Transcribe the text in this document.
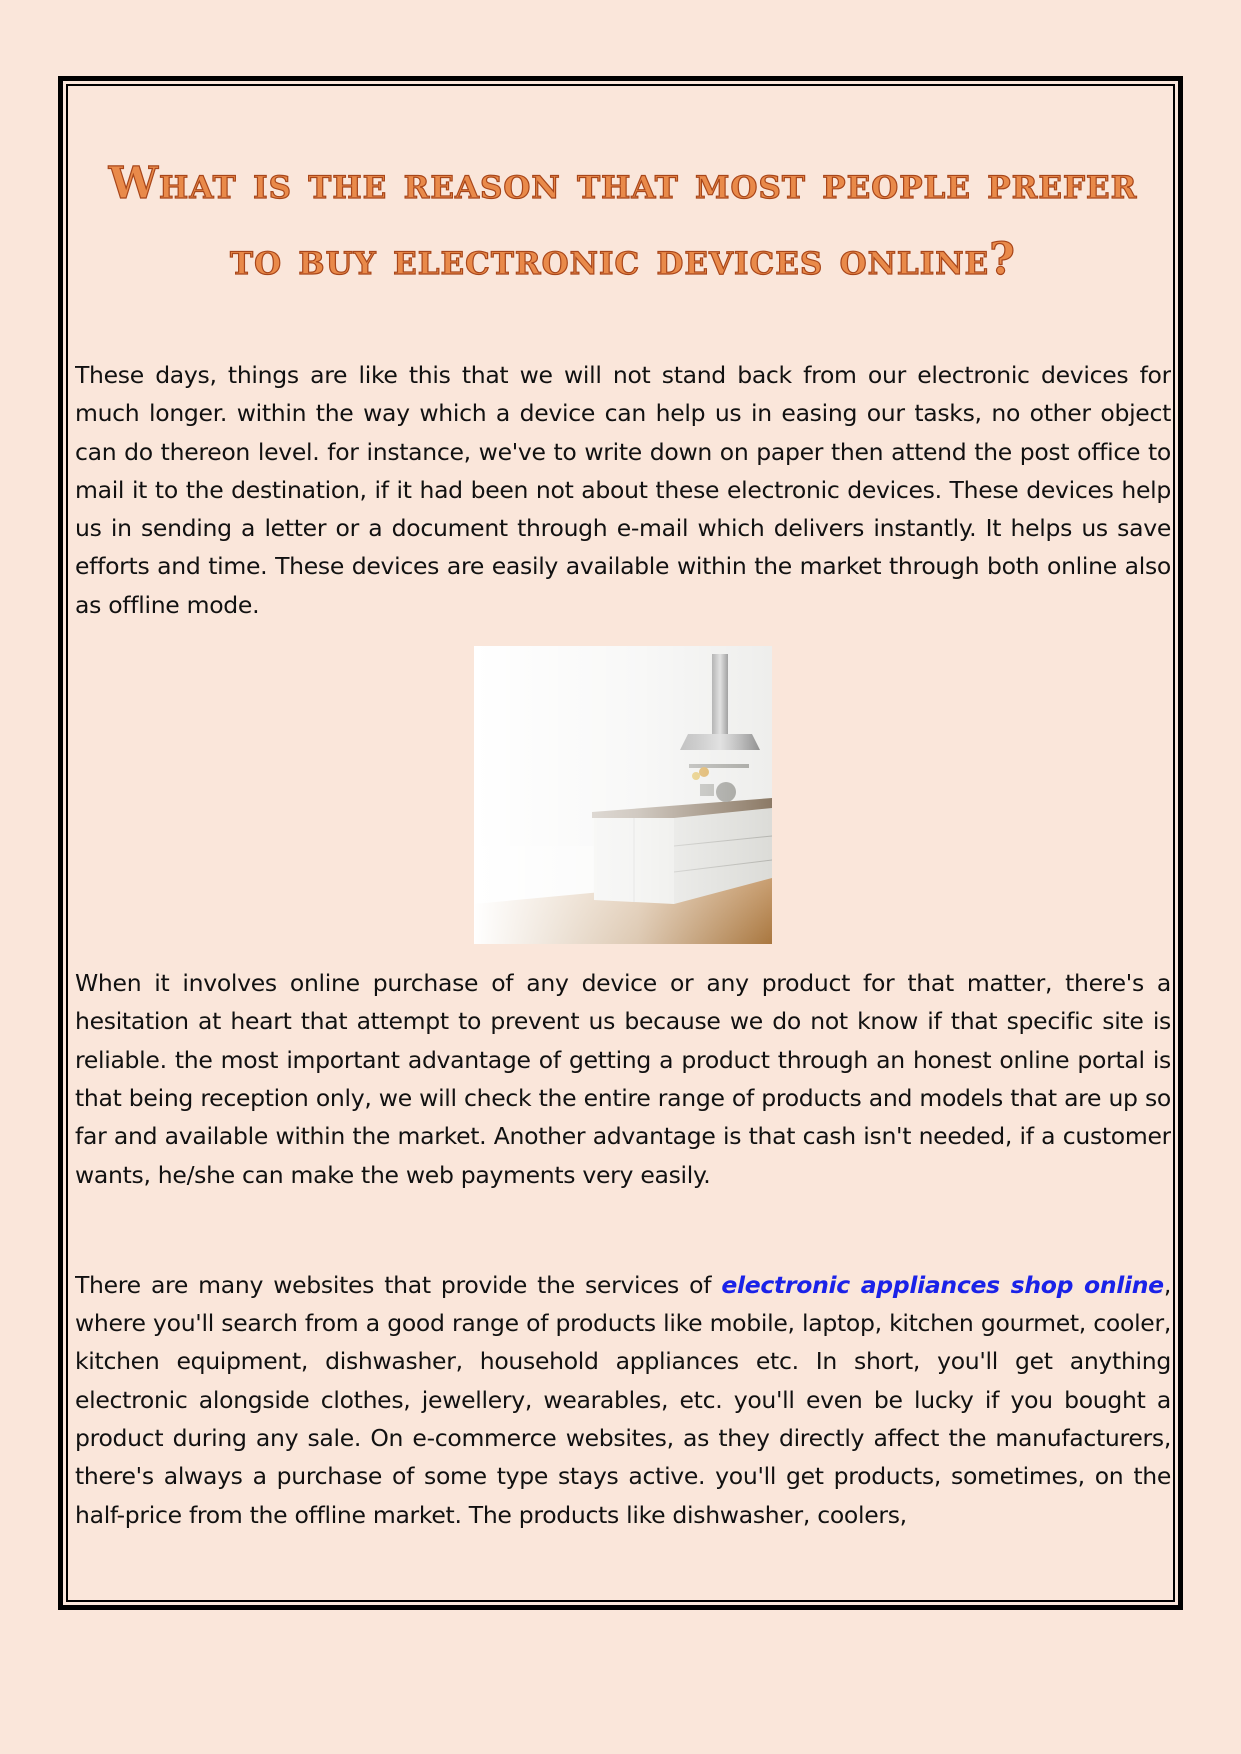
What is the reason that most people prefer to buy electronic devices online?

These days, things are like this that we will not stand back from our electronic devices for much longer. within the way which a device can help us in easing our tasks, no other object can do thereon level. for instance, we've to write down on paper then attend the post office to mail it to the destination, if it had been not about these electronic devices. These devices help us in sending a letter or a document through e-mail which delivers instantly. It helps us save efforts and time. These devices are easily available within the market through both online also as offline mode.

When it involves online purchase of any device or any product for that matter, there's a hesitation at heart that attempt to prevent us because we do not know if that specific site is reliable. the most important advantage of getting a product through an honest online portal is that being reception only, we will check the entire range of products and models that are up so far and available within the market. Another advantage is that cash isn't needed, if a customer wants, he/she can make the web payments very easily.

There are many websites that provide the services of electronic appliances shop online, where you'll search from a good range of products like mobile, laptop, kitchen gourmet, cooler, kitchen equipment, dishwasher, household appliances etc. In short, you'll get anything electronic alongside clothes, jewellery, wearables, etc. you'll even be lucky if you bought a product during any sale. On e-commerce websites, as they directly affect the manufacturers, there's always a purchase of some type stays active. you'll get products, sometimes, on the half-price from the offline market. The products like dishwasher, coolers,
